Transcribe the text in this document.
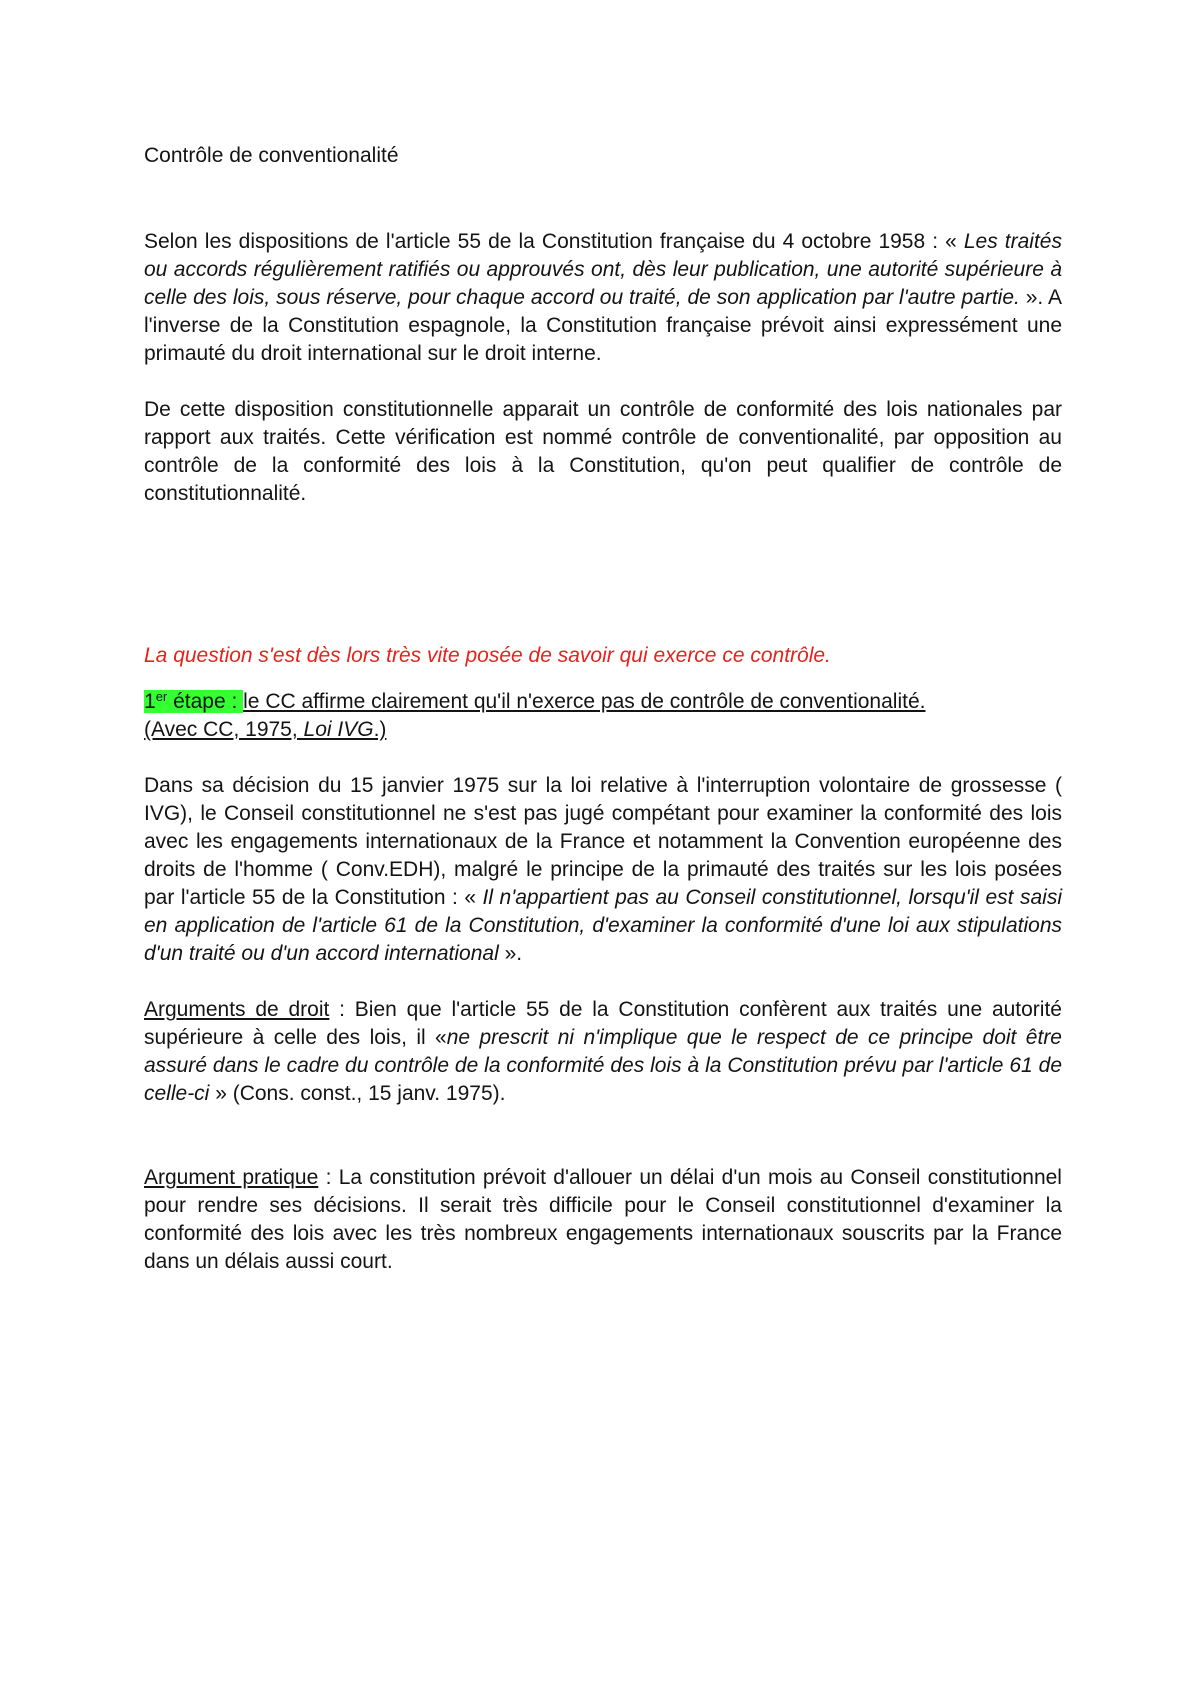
Contrôle de conventionalité

Selon les dispositions de l'article 55 de la Constitution française du 4 octobre 1958 : « Les traités ou accords régulièrement ratifiés ou approuvés ont, dès leur publication, une autorité supérieure à celle des lois, sous réserve, pour chaque accord ou traité, de son application par l'autre partie. ». A l'inverse de la Constitution espagnole, la Constitution française prévoit ainsi expressément une primauté du droit international sur le droit interne.

De cette disposition constitutionnelle apparait un contrôle de conformité des lois nationales par rapport aux traités. Cette vérification est nommé contrôle de conventionalité, par opposition au contrôle de la conformité des lois à la Constitution, qu'on peut qualifier de contrôle de constitutionnalité.

La question s'est dès lors très vite posée de savoir qui exerce ce contrôle.

1er étape : le CC affirme clairement qu'il n'exerce pas de contrôle de conventionalité.
(Avec CC, 1975, Loi IVG.)

Dans sa décision du 15 janvier 1975 sur la loi relative à l'interruption volontaire de grossesse ( IVG), le Conseil constitutionnel ne s'est pas jugé compétant pour examiner la conformité des lois avec les engagements internationaux de la France et notamment la Convention européenne des droits de l'homme ( Conv.EDH), malgré le principe de la primauté des traités sur les lois posées par l'article 55 de la Constitution : « Il n'appartient pas au Conseil constitutionnel, lorsqu'il est saisi en application de l'article 61 de la Constitution, d'examiner la conformité d'une loi aux stipulations d'un traité ou d'un accord international ».

Arguments de droit : Bien que l'article 55 de la Constitution confèrent aux traités une autorité supérieure à celle des lois, il «ne prescrit ni n'implique que le respect de ce principe doit être assuré dans le cadre du contrôle de la conformité des lois à la Constitution prévu par l'article 61 de celle-ci » (Cons. const., 15 janv. 1975).

Argument pratique : La constitution prévoit d'allouer un délai d'un mois au Conseil constitutionnel pour rendre ses décisions. Il serait très difficile pour le Conseil constitutionnel d'examiner la conformité des lois avec les très nombreux engagements internationaux souscrits par la France dans un délais aussi court.
